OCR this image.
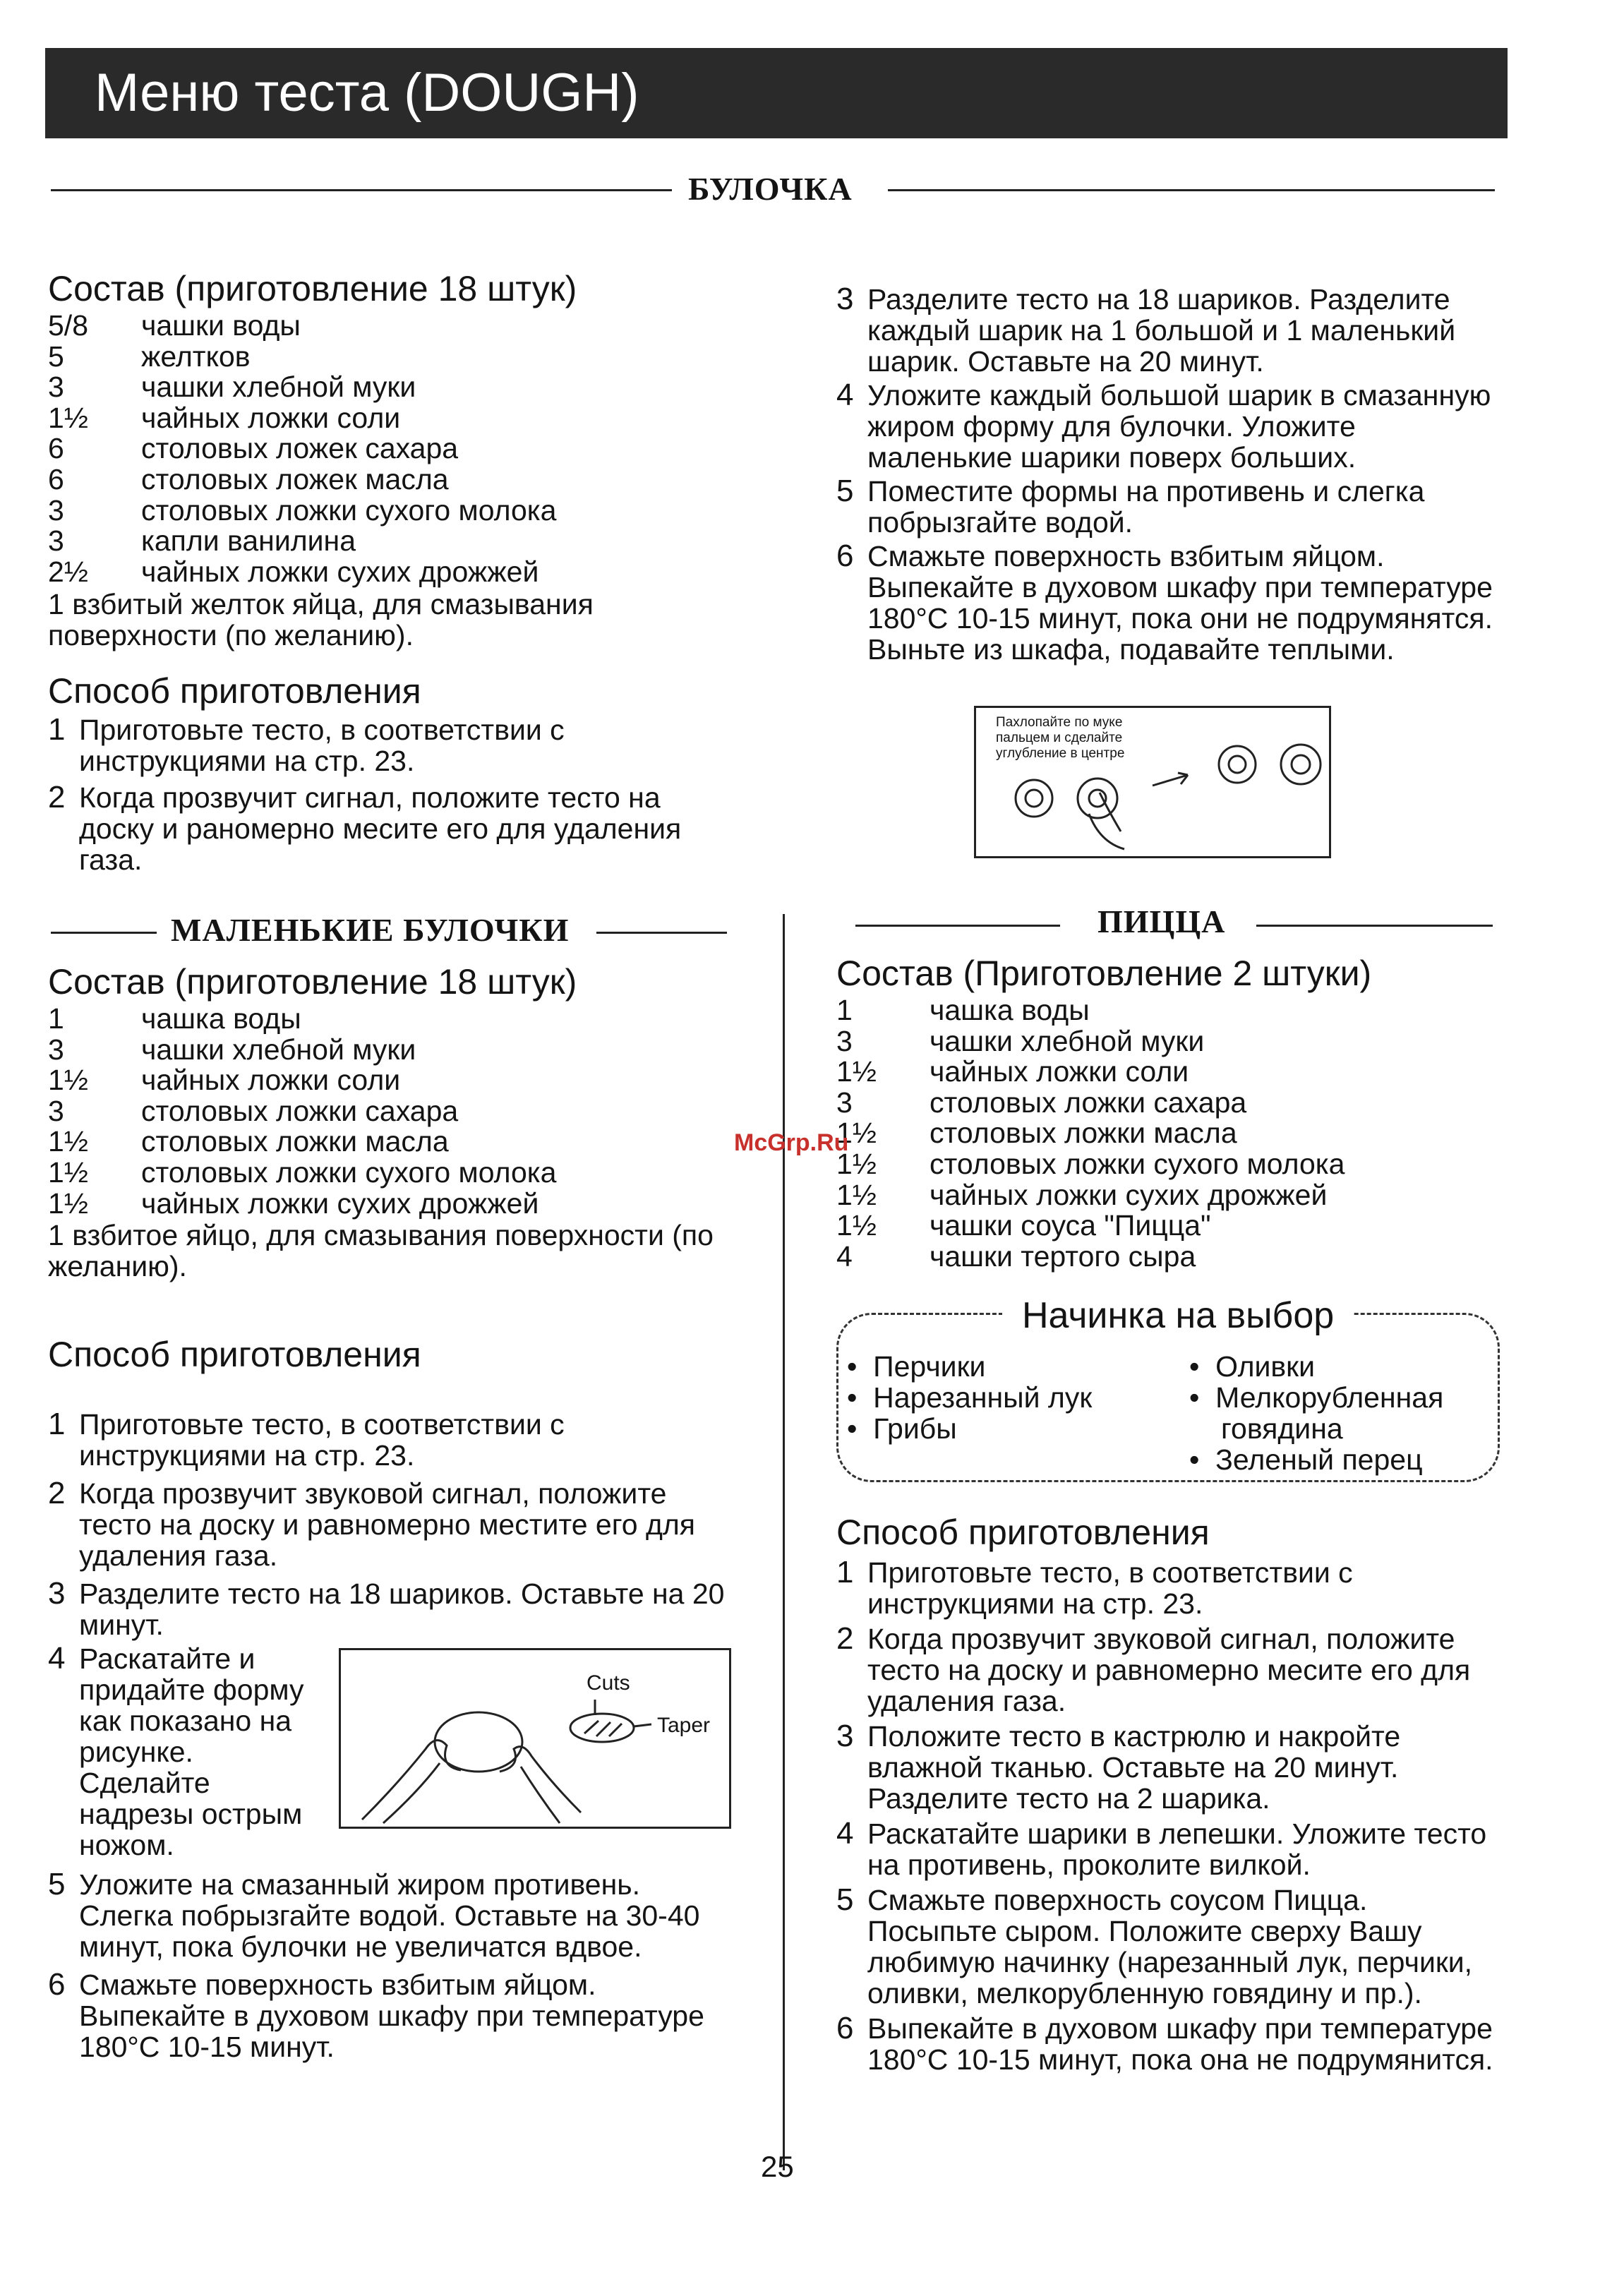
Меню теста (DOUGH)
БУЛОЧКА
Состав (приготовление 18 штук)
5/8 чашки воды
5	желтков
3	чашки хлебной муки
1½ чайных ложки соли
6	столовых ложек сахара
6	столовых ложек масла
3	столовых ложки сухого молока
3	капли ванилина
2½ чайных ложки сухих дрожжей
1 взбитый желток яйца, для смазывания поверхности (по желанию).
Способ приготовления
1 Приготовьте тесто, в соответствии с инструкциями на стр. 23.
2 Когда прозвучит сигнал, положите тесто на доску и раномерно месите его для удаления газа.
3 Разделите тесто на 18 шариков. Разделите каждый шарик на 1 большой и 1 маленький шарик. Оставьте на 20 минут.
4 Уложите каждый большой шарик в смазанную жиром форму для булочки. Уложите маленькие шарики поверх больших.
5 Поместите формы на противень и слегка побрызгайте водой.
6 Смажьте поверхность взбитым яйцом. Выпекайте в духовом шкафу при температуре 180°С 10-15 минут, пока они не подрумянятся. Выньте из шкафа, подавайте теплыми.
Пахлопайте по муке пальцем и сделайте углубление в центре
МАЛЕНЬКИЕ БУЛОЧКИ
Состав (приготовление 18 штук)
1	чашка воды
3	чашки хлебной муки
1½ чайных ложки соли
3	столовых ложки сахара
1½ столовых ложки масла
1½ столовых ложки сухого молока
1½ чайных ложки сухих дрожжей
1 взбитое яйцо, для смазывания поверхности (по желанию).
Способ приготовления
1 Приготовьте тесто, в соответствии с инструкциями на стр. 23.
2 Когда прозвучит звуковой сигнал, положите тесто на доску и равномерно местите его для удаления газа.
3 Разделите тесто на 18 шариков. Оставьте на 20 минут.
4 Раскатайте и придайте форму как показано на рисунке. Сделайте надрезы острым ножом.
5 Уложите на смазанный жиром противень. Слегка побрызгайте водой. Оставьте на 30-40 минут, пока булочки не увеличатся вдвое.
6 Смажьте поверхность взбитым яйцом. Выпекайте в духовом шкафу при температуре 180°С 10-15 минут.
Cuts
Taper
ПИЦЦА
Состав (Приготовление 2 штуки)
1	чашка воды
3	чашки хлебной муки
1½ чайных ложки соли
3	столовых ложки сахара
1½ столовых ложки масла
1½ столовых ложки сухого молока
1½ чайных ложки сухих дрожжей
1½ чашки соуса "Пицца"
4	чашки тертого сыра
Начинка на выбор
•  Перчики
•  Нарезанный лук
•  Грибы
•  Оливки
•  Мелкорубленная
говядина
•  Зеленый перец
Способ приготовления
1 Приготовьте тесто, в соответствии с инструкциями на стр. 23.
2 Когда прозвучит звуковой сигнал, положите тесто на доску и равномерно месите его для удаления газа.
3 Положите тесто в кастрюлю и накройте влажной тканью. Оставьте на 20 минут. Разделите тесто на 2 шарика.
4 Раскатайте шарики в лепешки. Уложите тесто на противень, проколите вилкой.
5 Смажьте поверхность соусом Пицца. Посыпьте сыром. Положите сверху Вашу любимую начинку (нарезанный лук, перчики, оливки, мелкорубленную говядину и пр.).
6 Выпекайте в духовом шкафу при температуре 180°С 10-15 минут, пока она не подрумянится.
McGrp.Ru
25
